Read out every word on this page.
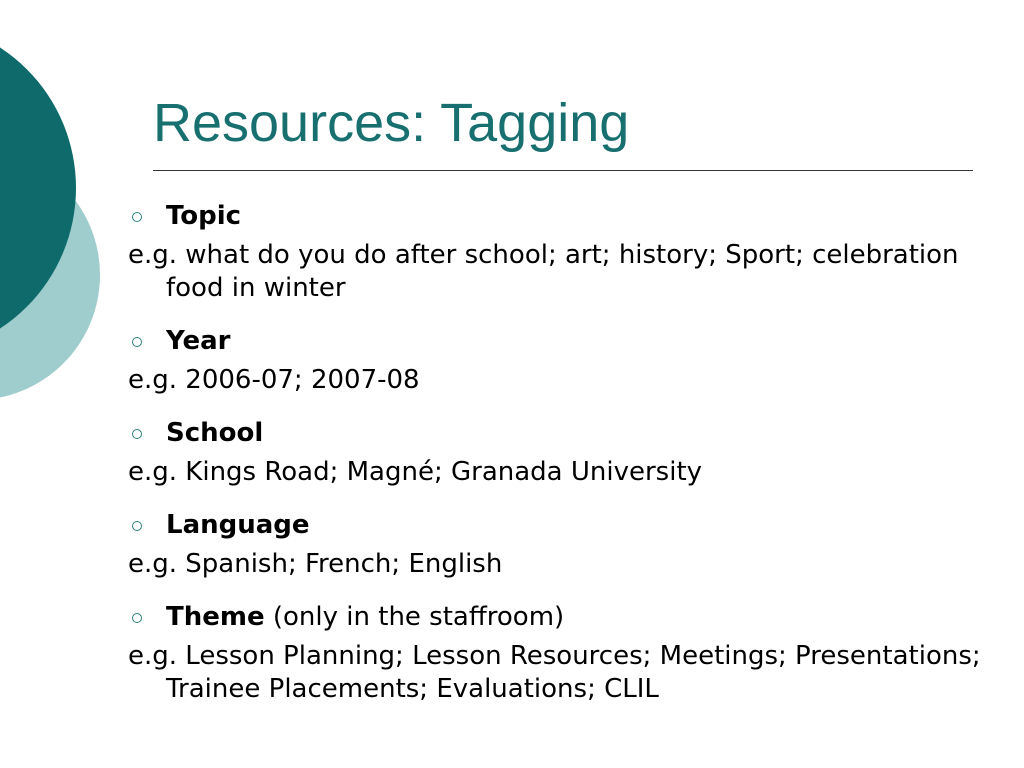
Resources: Tagging
Topic
e.g. what do you do after school; art; history; Sport; celebration food in winter
Year
e.g. 2006-07; 2007-08
School
e.g. Kings Road; Magné; Granada University
Language
e.g. Spanish; French; English
Theme (only in the staffroom)
e.g. Lesson Planning; Lesson Resources; Meetings; Presentations; Trainee Placements; Evaluations; CLIL
